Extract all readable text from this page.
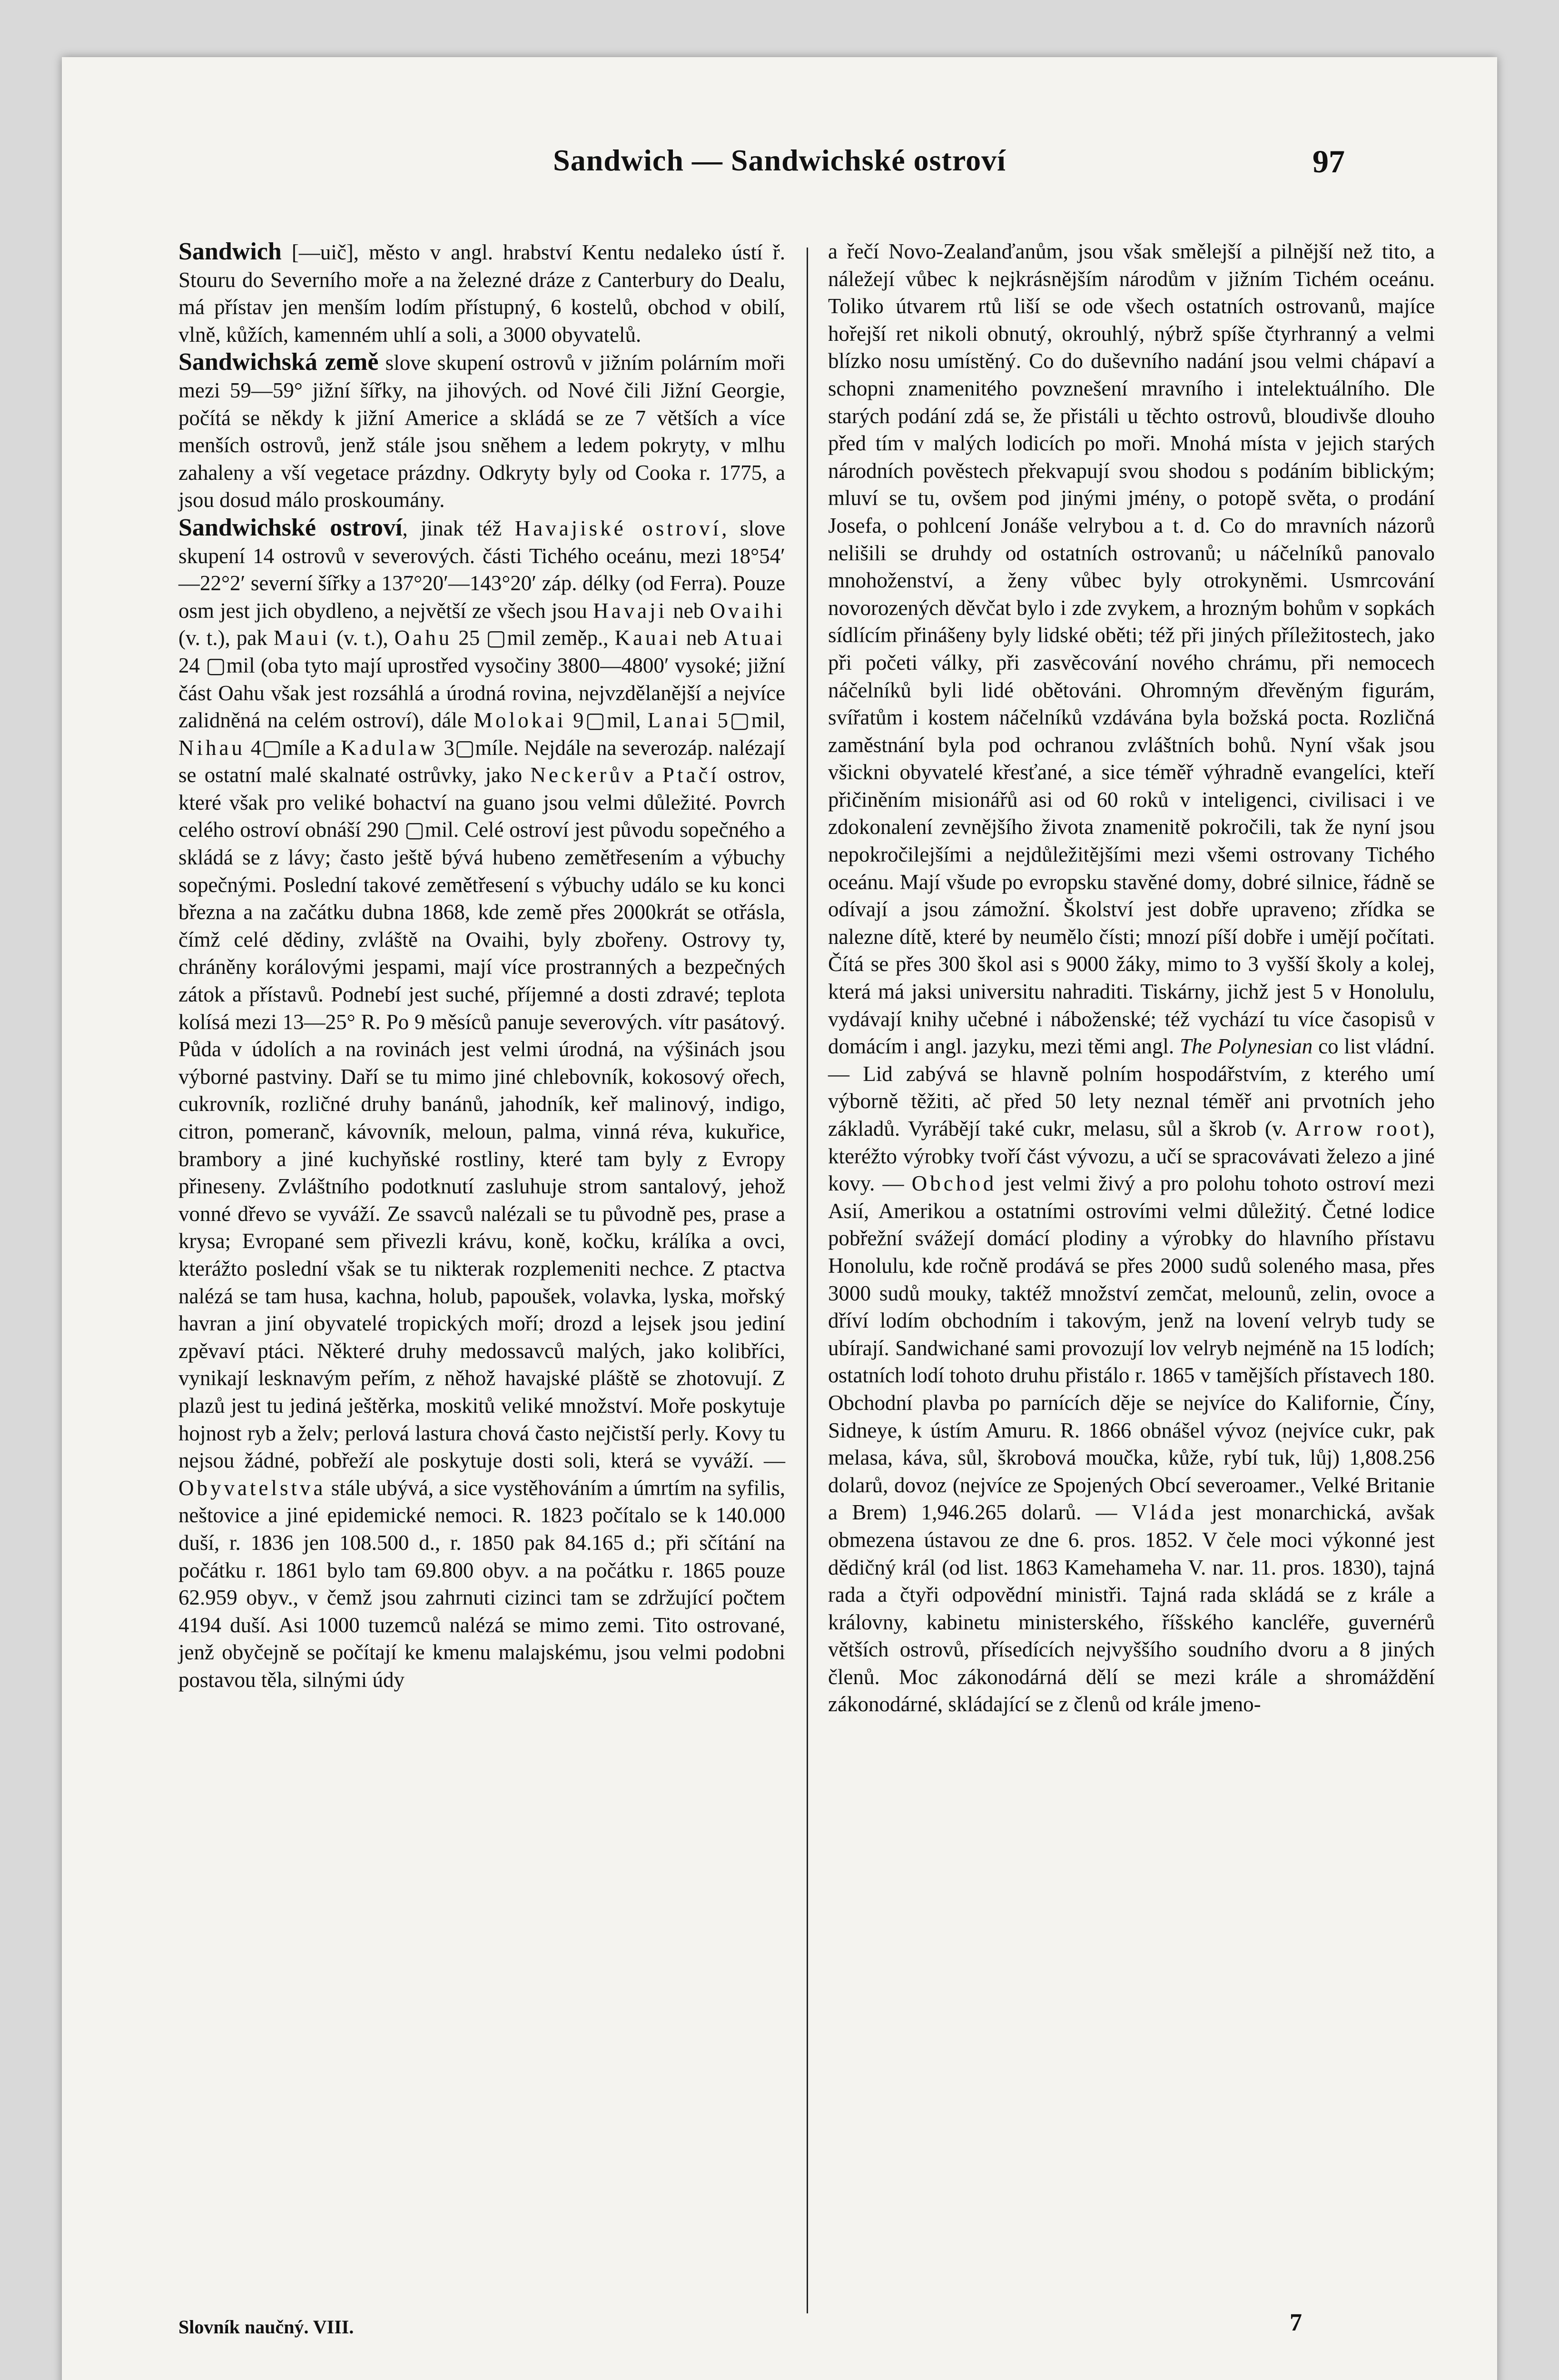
Sandwich — Sandwichské ostroví	97

Sandwich [—uič], město v angl. hrabství Kentu nedaleko ústí ř. Stouru do Severního moře a na železné dráze z Canterbury do Dealu, má přístav jen menším lodím přístupný, 6 kostelů, obchod v obilí, vlně, kůžích, kamenném uhlí a soli, a 3000 obyvatelů.

Sandwichská země slove skupení ostrovů v jižním polárním moři mezi 59—59° jižní šířky, na jihových. od Nové čili Jižní Georgie, počítá se někdy k jižní Americe a skládá se ze 7 větších a více menších ostrovů, jenž stále jsou sněhem a ledem pokryty, v mlhu zahaleny a vší vegetace prázdny. Odkryty byly od Cooka r. 1775, a jsou dosud málo proskoumány.

Sandwichské ostroví, jinak též Havajiské ostroví, slove skupení 14 ostrovů v severových. části Tichého oceánu, mezi 18°54′—22°2′ severní šířky a 137°20′—143°20′ záp. délky (od Ferra). Pouze osm jest jich obydleno, a největší ze všech jsou Havaji neb Ovaihi (v. t.), pak Maui (v. t.), Oahu 25 ▢mil zeměp., Kauai neb Atuai 24 ▢mil (oba tyto mají uprostřed vysočiny 3800—4800′ vysoké; jižní část Oahu však jest rozsáhlá a úrodná rovina, nejvzdělanější a nejvíce zalidněná na celém ostroví), dále Molokai 9▢mil, Lanai 5▢mil, Nihau 4▢míle a Kadulaw 3▢míle. Nejdále na severozáp. nalézají se ostatní malé skalnaté ostrůvky, jako Neckerův a Ptačí ostrov, které však pro veliké bohactví na guano jsou velmi důležité. Povrch celého ostroví obnáší 290 ▢mil. Celé ostroví jest původu sopečného a skládá se z lávy; často ještě bývá hubeno zemětřesením a výbuchy sopečnými. Poslední takové zemětřesení s výbuchy událo se ku konci března a na začátku dubna 1868, kde země přes 2000krát se otřásla, čímž celé dědiny, zvláště na Ovaihi, byly zbořeny. Ostrovy ty, chráněny korálovými jespami, mají více prostranných a bezpečných zátok a přístavů. Podnebí jest suché, příjemné a dosti zdravé; teplota kolísá mezi 13—25° R. Po 9 měsíců panuje severových. vítr pasátový. Půda v údolích a na rovinách jest velmi úrodná, na výšinách jsou výborné pastviny. Daří se tu mimo jiné chlebovník, kokosový ořech, cukrovník, rozličné druhy banánů, jahodník, keř malinový, indigo, citron, pomeranč, kávovník, meloun, palma, vinná réva, kukuřice, brambory a jiné kuchyňské rostliny, které tam byly z Evropy přineseny. Zvláštního podotknutí zasluhuje strom santalový, jehož vonné dřevo se vyváží. Ze ssavců nalézali se tu původně pes, prase a krysa; Evropané sem přivezli krávu, koně, kočku, králíka a ovci, kterážto poslední však se tu nikterak rozplemeniti nechce. Z ptactva nalézá se tam husa, kachna, holub, papoušek, volavka, lyska, mořský havran a jiní obyvatelé tropických moří; drozd a lejsek jsou jediní zpěvaví ptáci. Některé druhy medossavců malých, jako kolibříci, vynikají lesknavým peřím, z něhož havajské pláště se zhotovují. Z plazů jest tu jediná ještěrka, moskitů veliké množství. Moře poskytuje hojnost ryb a želv; perlová lastura chová často nejčistší perly. Kovy tu nejsou žádné, pobřeží ale poskytuje dosti soli, která se vyváží. — Obyvatelstva stále ubývá, a sice vystěhováním a úmrtím na syfilis, neštovice a jiné epidemické nemoci. R. 1823 počítalo se k 140.000 duší, r. 1836 jen 108.500 d., r. 1850 pak 84.165 d.; při sčítání na počátku r. 1861 bylo tam 69.800 obyv. a na počátku r. 1865 pouze 62.959 obyv., v čemž jsou zahrnuti cizinci tam se zdržující počtem 4194 duší. Asi 1000 tuzemců nalézá se mimo zemi. Tito ostrované, jenž obyčejně se počítají ke kmenu malajskému, jsou velmi podobni postavou těla, silnými údy

a řečí Novo-Zealanďanům, jsou však smělejší a pilnější než tito, a náležejí vůbec k nejkrásnějším národům v jižním Tichém oceánu. Toliko útvarem rtů liší se ode všech ostatních ostrovanů, majíce hořejší ret nikoli obnutý, okrouhlý, nýbrž spíše čtyrhranný a velmi blízko nosu umístěný. Co do duševního nadání jsou velmi chápaví a schopni znamenitého povznešení mravního i intelektuálního. Dle starých podání zdá se, že přistáli u těchto ostrovů, bloudivše dlouho před tím v malých lodicích po moři. Mnohá místa v jejich starých národních pověstech překvapují svou shodou s podáním biblickým; mluví se tu, ovšem pod jinými jmény, o potopě světa, o prodání Josefa, o pohlcení Jonáše velrybou a t. d. Co do mravních názorů nelišili se druhdy od ostatních ostrovanů; u náčelníků panovalo mnohoženství, a ženy vůbec byly otrokyněmi. Usmrcování novorozených děvčat bylo i zde zvykem, a hrozným bohům v sopkách sídlícím přinášeny byly lidské oběti; též při jiných příležitostech, jako při početi války, při zasvěcování nového chrámu, při nemocech náčelníků byli lidé obětováni. Ohromným dřevěným figurám, svířatům i kostem náčelníků vzdávána byla božská pocta. Rozličná zaměstnání byla pod ochranou zvláštních bohů. Nyní však jsou všickni obyvatelé křesťané, a sice téměř výhradně evangelíci, kteří přičiněním misionářů asi od 60 roků v inteligenci, civilisaci i ve zdokonalení zevnějšího života znamenitě pokročili, tak že nyní jsou nepokročilejšími a nejdůležitějšími mezi všemi ostrovany Tichého oceánu. Mají všude po evropsku stavěné domy, dobré silnice, řádně se odívají a jsou zámožní. Školství jest dobře upraveno; zřídka se nalezne dítě, které by neumělo čísti; mnozí píší dobře i umějí počítati. Čítá se přes 300 škol asi s 9000 žáky, mimo to 3 vyšší školy a kolej, která má jaksi universitu nahraditi. Tiskárny, jichž jest 5 v Honolulu, vydávají knihy učebné i náboženské; též vychází tu více časopisů v domácím i angl. jazyku, mezi těmi angl. The Polynesian co list vládní. — Lid zabývá se hlavně polním hospodářstvím, z kterého umí výborně těžiti, ač před 50 lety neznal téměř ani prvotních jeho základů. Vyrábějí také cukr, melasu, sůl a škrob (v. Arrow root), kteréžto výrobky tvoří část vývozu, a učí se spracovávati železo a jiné kovy. — Obchod jest velmi živý a pro polohu tohoto ostroví mezi Asií, Amerikou a ostatními ostrovími velmi důležitý. Četné lodice pobřežní svážejí domácí plodiny a výrobky do hlavního přístavu Honolulu, kde ročně prodává se přes 2000 sudů soleného masa, přes 3000 sudů mouky, taktéž množství zemčat, melounů, zelin, ovoce a dříví lodím obchodním i takovým, jenž na lovení velryb tudy se ubírají. Sandwichané sami provozují lov velryb nejméně na 15 lodích; ostatních lodí tohoto druhu přistálo r. 1865 v tamějších přístavech 180. Obchodní plavba po parnících děje se nejvíce do Kalifornie, Číny, Sidneye, k ústím Amuru. R. 1866 obnášel vývoz (nejvíce cukr, pak melasa, káva, sůl, škrobová moučka, kůže, rybí tuk, lůj) 1,808.256 dolarů, dovoz (nejvíce ze Spojených Obcí severoamer., Velké Britanie a Brem) 1,946.265 dolarů. — Vláda jest monarchická, avšak obmezena ústavou ze dne 6. pros. 1852. V čele moci výkonné jest dědičný král (od list. 1863 Kamehameha V. nar. 11. pros. 1830), tajná rada a čtyři odpovědní ministři. Tajná rada skládá se z krále a královny, kabinetu ministerského, říšského kancléře, guvernérů větších ostrovů, přísedících nejvyššího soudního dvoru a 8 jiných členů. Moc zákonodárná dělí se mezi krále a shromáždění zákonodárné, skládající se z členů od krále jmeno-

Slovník naučný. VIII.	7
